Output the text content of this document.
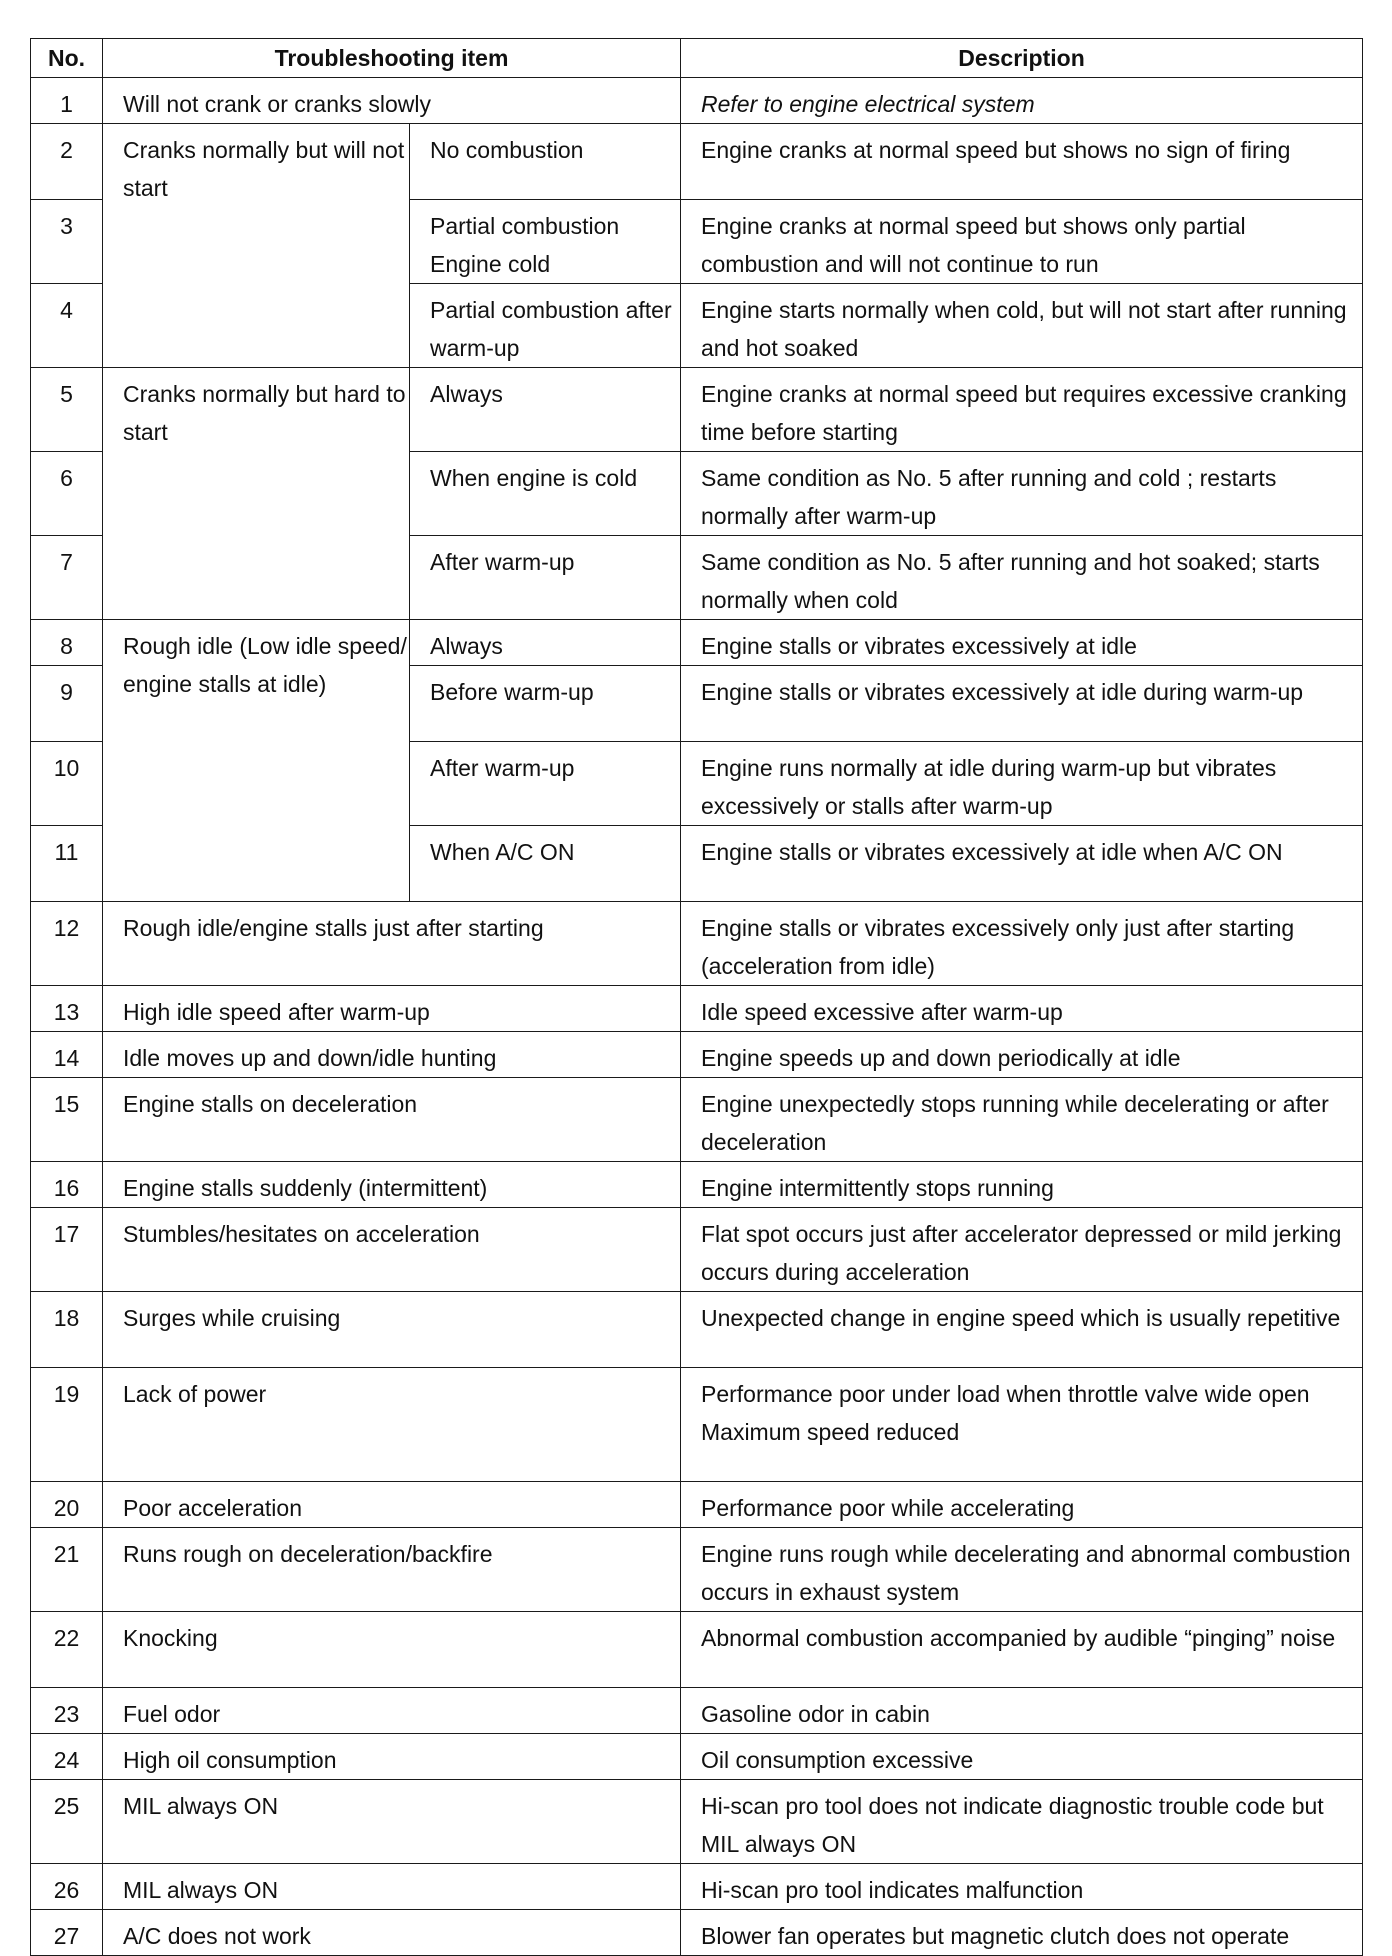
No.	Troubleshooting item		Description
1	Will not crank or cranks slowly		Refer to engine electrical system
2	Cranks normally but will not start	No combustion	Engine cranks at normal speed but shows no sign of firing
3		Partial combustion Engine cold	Engine cranks at normal speed but shows only partial combustion and will not continue to run
4		Partial combustion after warm-up	Engine starts normally when cold, but will not start after running and hot soaked
5	Cranks normally but hard to start	Always	Engine cranks at normal speed but requires excessive cranking time before starting
6		When engine is cold	Same condition as No. 5 after running and cold ; restarts normally after warm-up
7		After warm-up	Same condition as No. 5 after running and hot soaked; starts normally when cold
8	Rough idle (Low idle speed/ engine stalls at idle)	Always	Engine stalls or vibrates excessively at idle
9		Before warm-up	Engine stalls or vibrates excessively at idle during warm-up
10		After warm-up	Engine runs normally at idle during warm-up but vibrates excessively or stalls after warm-up
11		When A/C ON	Engine stalls or vibrates excessively at idle when A/C ON
12	Rough idle/engine stalls just after starting		Engine stalls or vibrates excessively only just after starting (acceleration from idle)
13	High idle speed after warm-up		Idle speed excessive after warm-up
14	Idle moves up and down/idle hunting		Engine speeds up and down periodically at idle
15	Engine stalls on deceleration		Engine unexpectedly stops running while decelerating or after deceleration
16	Engine stalls suddenly (intermittent)		Engine intermittently stops running
17	Stumbles/hesitates on acceleration		Flat spot occurs just after accelerator depressed or mild jerking occurs during acceleration
18	Surges while cruising		Unexpected change in engine speed which is usually repetitive
19	Lack of power		Performance poor under load when throttle valve wide open Maximum speed reduced
20	Poor acceleration		Performance poor while accelerating
21	Runs rough on deceleration/backfire		Engine runs rough while decelerating and abnormal combustion occurs in exhaust system
22	Knocking		Abnormal combustion accompanied by audible “pinging” noise
23	Fuel odor		Gasoline odor in cabin
24	High oil consumption		Oil consumption excessive
25	MIL always ON		Hi-scan pro tool does not indicate diagnostic trouble code but MIL always ON
26	MIL always ON		Hi-scan pro tool indicates malfunction
27	A/C does not work		Blower fan operates but magnetic clutch does not operate
